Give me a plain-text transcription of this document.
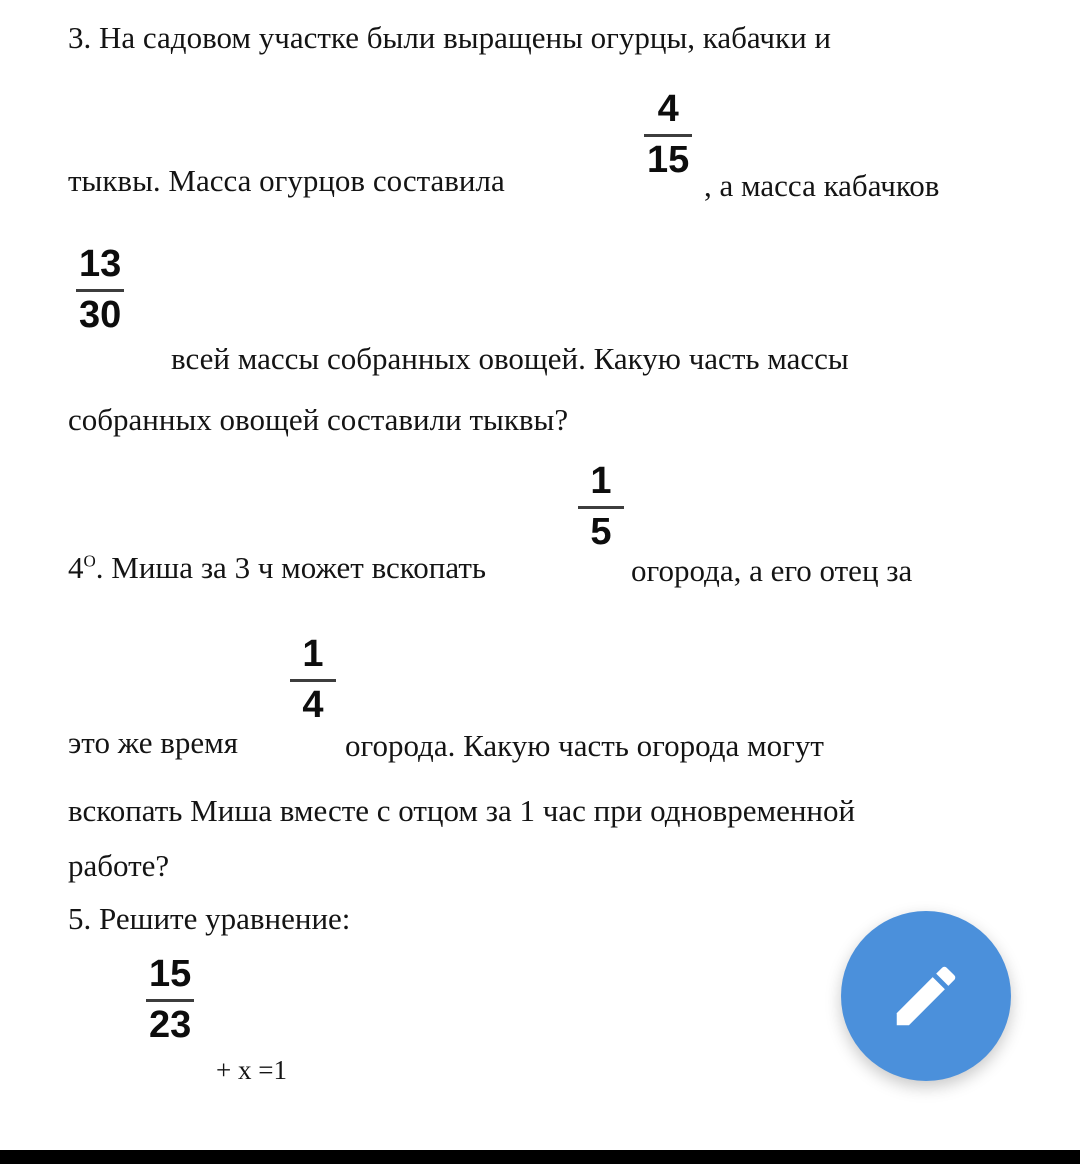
3. На садовом участке были выращены огурцы, кабачки и
тыквы. Масса огурцов составила
4
15
, а масса кабачков
13
30
всей массы собранных овощей. Какую часть массы
собранных овощей составили тыквы?
$4^O$. Миша за 3 ч может вскопать
1
5
огорода, а его отец за
это же время
1
4
огорода. Какую часть огорода могут
вскопать Миша вместе с отцом за 1 час при одновременной
работе?
5. Решите уравнение:
15
23
+ х =1
